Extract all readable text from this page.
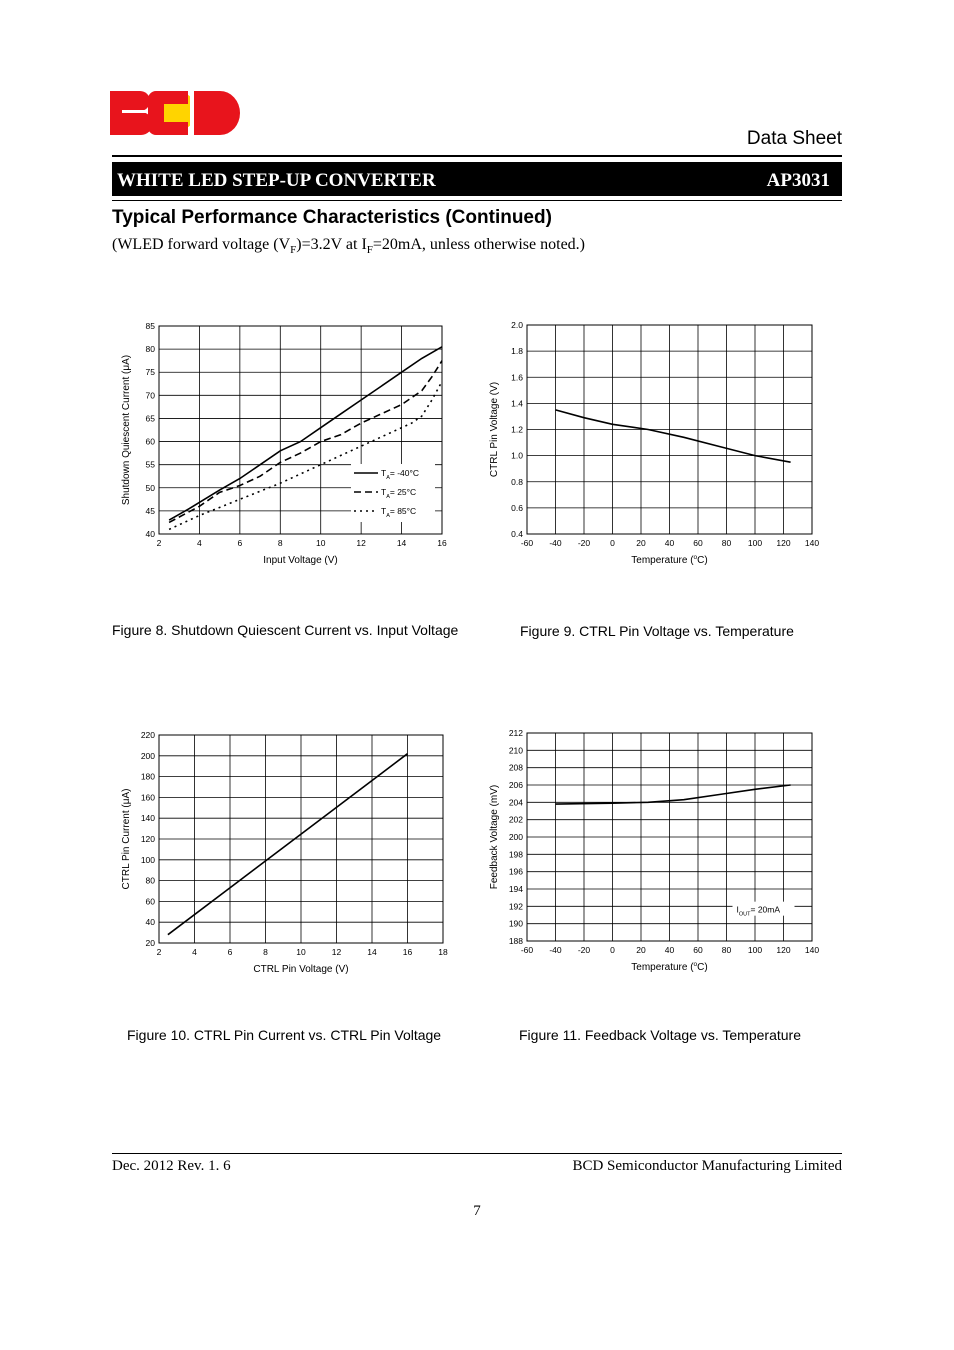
Data Sheet
WHITE LED STEP-UP CONVERTER	AP3031
Typical Performance Characteristics (Continued)
(WLED forward voltage $(V_F)=3.2V$ at $I_F=20mA$, unless otherwise noted.)
2	4	6	8	10	12	14	16
40
45
50
55
60
65
70
75
80
85
Input Voltage (V)
Shutdown Quiescent Current (μA)	$T_A= -40^\circ C$
$T_A= 25^\circ C$
$T_A= 85^\circ C$
-60 -40 -20 0	20 40 60 80 100 120 140
0.4
0.6
0.8
1.0
1.2
1.4
1.6
1.8
2.0
Temperature ($^o$C)
CTRL Pin Voltage (V)
2	4	6	8	10	12	14	16	18
20
40
60
80
100
120
140
160
180
200
220
CTRL Pin Voltage (V)
CTRL Pin Current (μA)
-60 -40 -20 0	20 40 60 80 100 120 140
188
190
192
194
196
198
200
202
204
206
208
210
212
Temperature ($^o$C)
Feedback Voltage (mV)
$I_{OUT}= 20mA$
Figure 8. Shutdown Quiescent Current vs. Input Voltage	Figure 9. CTRL Pin Voltage vs. Temperature
Figure 10. CTRL Pin Current vs. CTRL Pin Voltage	Figure 11. Feedback Voltage vs. Temperature
Dec. 2012 Rev. 1. 6	BCD Semiconductor Manufacturing Limited
7
